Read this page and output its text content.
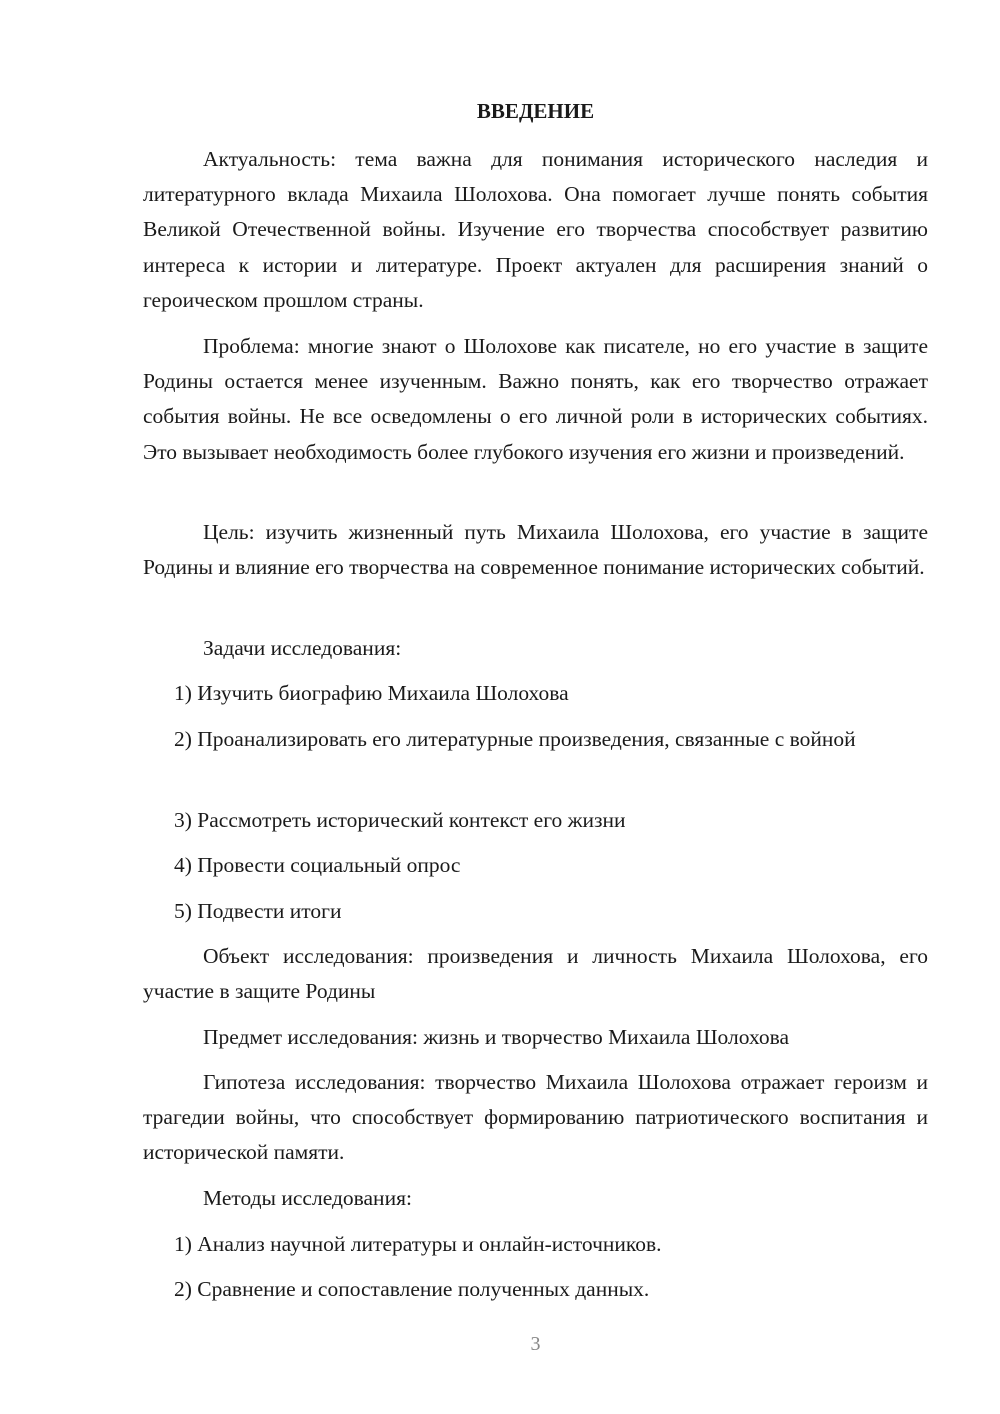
ВВЕДЕНИЕ

Актуальность: тема важна для понимания исторического наследия и литературного вклада Михаила Шолохова. Она помогает лучше понять события Великой Отечественной войны. Изучение его творчества способствует развитию интереса к истории и литературе. Проект актуален для расширения знаний о героическом прошлом страны.

Проблема: многие знают о Шолохове как писателе, но его участие в защите Родины остается менее изученным. Важно понять, как его творчество отражает события войны. Не все осведомлены о его личной роли в исторических событиях. Это вызывает необходимость более глубокого изучения его жизни и произведений.

Цель: изучить жизненный путь Михаила Шолохова, его участие в защите Родины и влияние его творчества на современное понимание исторических событий.

Задачи исследования:

1) Изучить биографию Михаила Шолохова

2) Проанализировать его литературные произведения, связанные с войной

3) Рассмотреть исторический контекст его жизни

4) Провести социальный опрос

5) Подвести итоги

Объект исследования: произведения и личность Михаила Шолохова, его участие в защите Родины

Предмет исследования: жизнь и творчество Михаила Шолохова

Гипотеза исследования: творчество Михаила Шолохова отражает героизм и трагедии войны, что способствует формированию патриотического воспитания и исторической памяти.

Методы исследования:

1) Анализ научной литературы и онлайн-источников.

2) Сравнение и сопоставление полученных данных.

3
